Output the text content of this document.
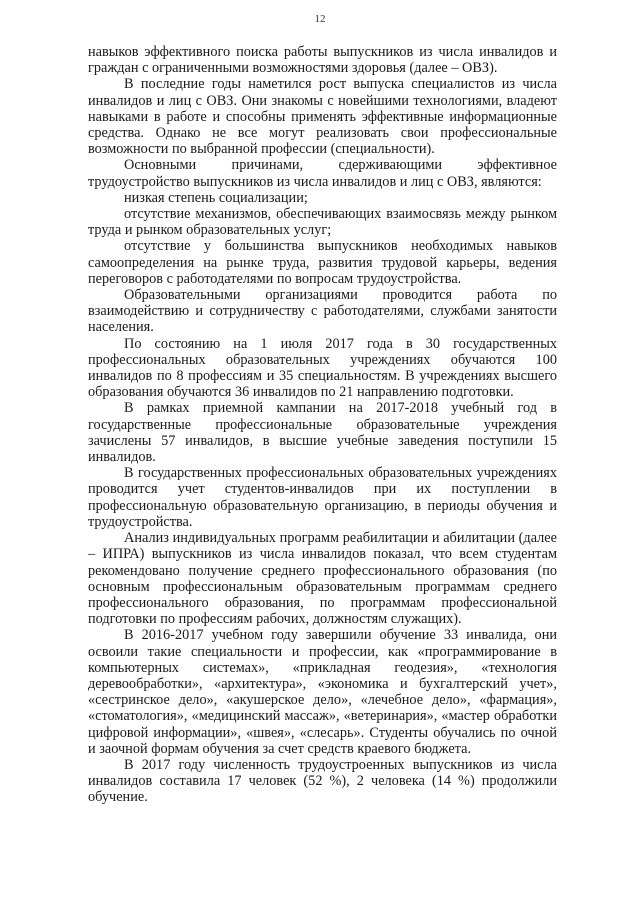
12

навыков эффективного поиска работы выпускников из числа инвалидов и граждан с ограниченными возможностями здоровья (далее – ОВЗ).

В последние годы наметился рост выпуска специалистов из числа инвалидов и лиц с ОВЗ. Они знакомы с новейшими технологиями, владеют навыками в работе и способны применять эффективные информационные средства. Однако не все могут реализовать свои профессиональные возможности по выбранной профессии (специальности).

Основными причинами, сдерживающими эффективное трудоустройство выпускников из числа инвалидов и лиц с ОВЗ, являются:

низкая степень социализации;

отсутствие механизмов, обеспечивающих взаимосвязь между рынком труда и рынком образовательных услуг;

отсутствие у большинства выпускников необходимых навыков самоопределения на рынке труда, развития трудовой карьеры, ведения переговоров с работодателями по вопросам трудоустройства.

Образовательными организациями проводится работа по взаимодействию и сотрудничеству с работодателями, службами занятости населения.

По состоянию на 1 июля 2017 года в 30 государственных профессиональных образовательных учреждениях обучаются 100 инвалидов по 8 профессиям и 35 специальностям. В учреждениях высшего образования обучаются 36 инвалидов по 21 направлению подготовки.

В рамках приемной кампании на 2017-2018 учебный год в государственные профессиональные образовательные учреждения зачислены 57 инвалидов, в высшие учебные заведения поступили 15 инвалидов.

В государственных профессиональных образовательных учреждениях проводится учет студентов-инвалидов при их поступлении в профессиональную образовательную организацию, в периоды обучения и трудоустройства.

Анализ индивидуальных программ реабилитации и абилитации (далее – ИПРА) выпускников из числа инвалидов показал, что всем студентам рекомендовано получение среднего профессионального образования (по основным профессиональным образовательным программам среднего профессионального образования, по программам профессиональной подготовки по профессиям рабочих, должностям служащих).

В 2016-2017 учебном году завершили обучение 33 инвалида, они освоили такие специальности и профессии, как «программирование в компьютерных системах», «прикладная геодезия», «технология деревообработки», «архитектура», «экономика и бухгалтерский учет», «сестринское дело», «акушерское дело», «лечебное дело», «фармация», «стоматология», «медицинский массаж», «ветеринария», «мастер обработки цифровой информации», «швея», «слесарь». Студенты обучались по очной и заочной формам обучения за счет средств краевого бюджета.

В 2017 году численность трудоустроенных выпускников из числа инвалидов составила 17 человек (52 %), 2 человека (14 %) продолжили обучение.
